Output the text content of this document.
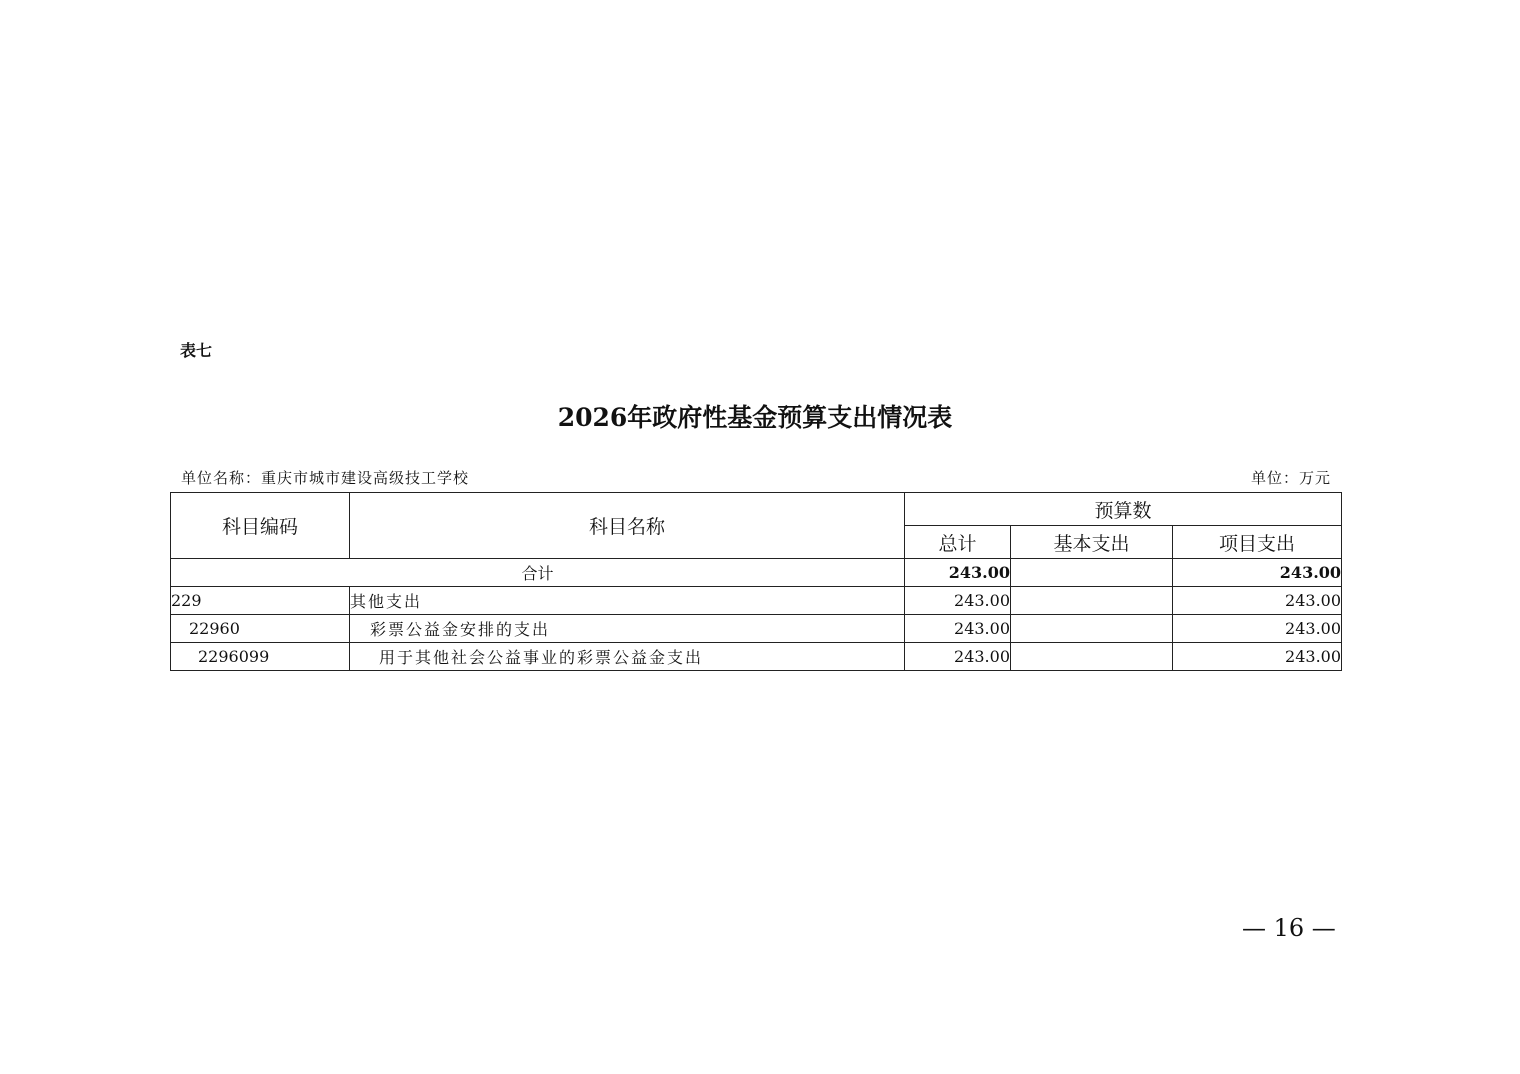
表七
2026年政府性基金预算支出情况表
单位名称：重庆市城市建设高级技工学校	单位：万元
科目编码	科目名称	预算数		
		总计	基本支出	项目支出
合计		243.00		243.00
229	其他支出	243.00		243.00
22960	彩票公益金安排的支出	243.00		243.00
2296099	用于其他社会公益事业的彩票公益金支出	243.00		243.00
— 16 —
